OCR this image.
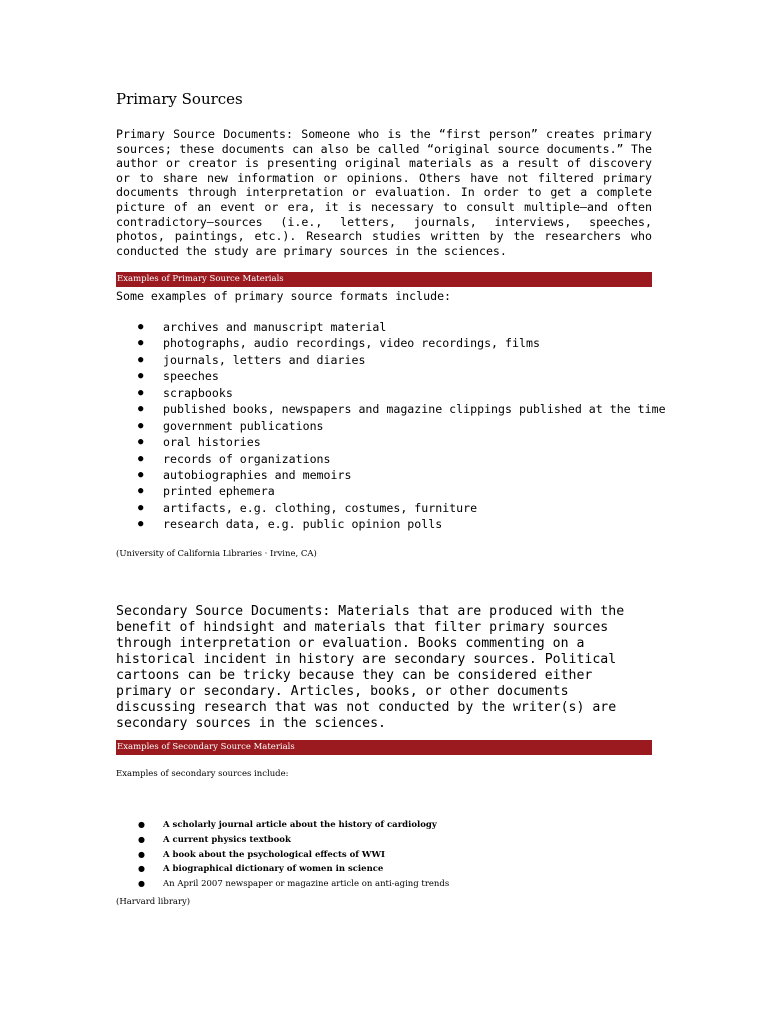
Primary Sources

Primary Source Documents: Someone who is the “first person” creates primary sources; these documents can also be called “original source documents.” The author or creator is presenting original materials as a result of discovery or to share new information or opinions. Others have not filtered primary documents through interpretation or evaluation. In order to get a complete picture of an event or era, it is necessary to consult multiple—and often contradictory—sources (i.e., letters, journals, interviews, speeches, photos, paintings, etc.). Research studies written by the researchers who conducted the study are primary sources in the sciences.

Examples of Primary Source Materials
Some examples of primary source formats include:
● archives and manuscript material
● photographs, audio recordings, video recordings, films
● journals, letters and diaries
● speeches
● scrapbooks
● published books, newspapers and magazine clippings published at the time
● government publications
● oral histories
● records of organizations
● autobiographies and memoirs
● printed ephemera
● artifacts, e.g. clothing, costumes, furniture
● research data, e.g. public opinion polls
(University of California Libraries · Irvine, CA)

Secondary Source Documents: Materials that are produced with the benefit of hindsight and materials that filter primary sources through interpretation or evaluation. Books commenting on a historical incident in history are secondary sources. Political cartoons can be tricky because they can be considered either primary or secondary. Articles, books, or other documents discussing research that was not conducted by the writer(s) are secondary sources in the sciences.

Examples of Secondary Source Materials
Examples of secondary sources include:
● A scholarly journal article about the history of cardiology
● A current physics textbook
● A book about the psychological effects of WWI
● A biographical dictionary of women in science
● An April 2007 newspaper or magazine article on anti-aging trends
(Harvard library)
